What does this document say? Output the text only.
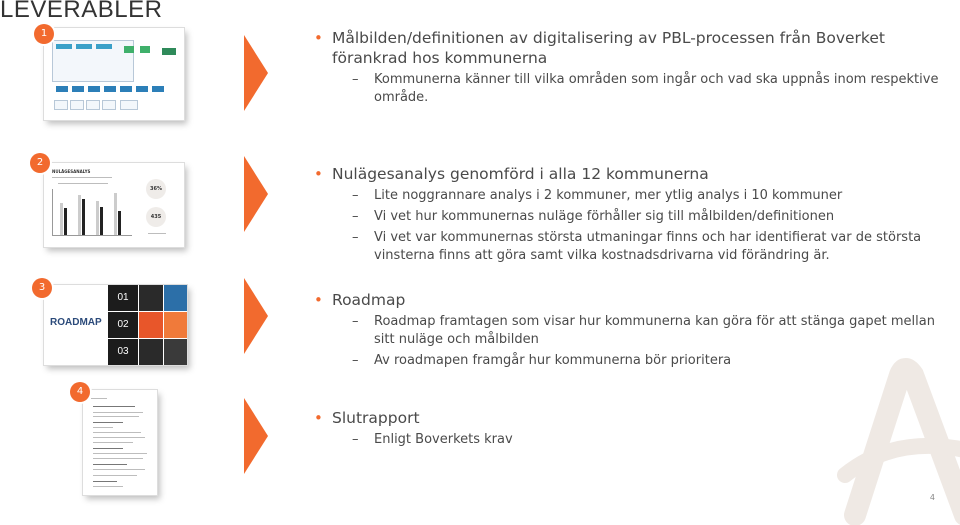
LEVERABLER
1	• Målbilden/definitionen av digitalisering av PBL-processen från Boverket förankrad hos kommunerna
– Kommunerna känner till vilka områden som ingår och vad ska uppnås inom respektive område.
2
NULÄGESANALYS
36%
435
• Nulägesanalys genomförd i alla 12 kommunerna
– Lite noggrannare analys i 2 kommuner, mer ytlig analys i 10 kommuner
– Vi vet hur kommunernas nuläge förhåller sig till målbilden/definitionen
– Vi vet var kommunernas största utmaningar finns och har identifierat var de största vinsterna finns att göra samt vilka kostnadsdrivarna vid förändring är.
3
ROADMAP
01
02
03
• Roadmap
– Roadmap framtagen som visar hur kommunerna kan göra för att stänga gapet mellan sitt nuläge och målbilden
– Av roadmapen framgår hur kommunerna bör prioritera
4
• Slutrapport
– Enligt Boverkets krav
4
